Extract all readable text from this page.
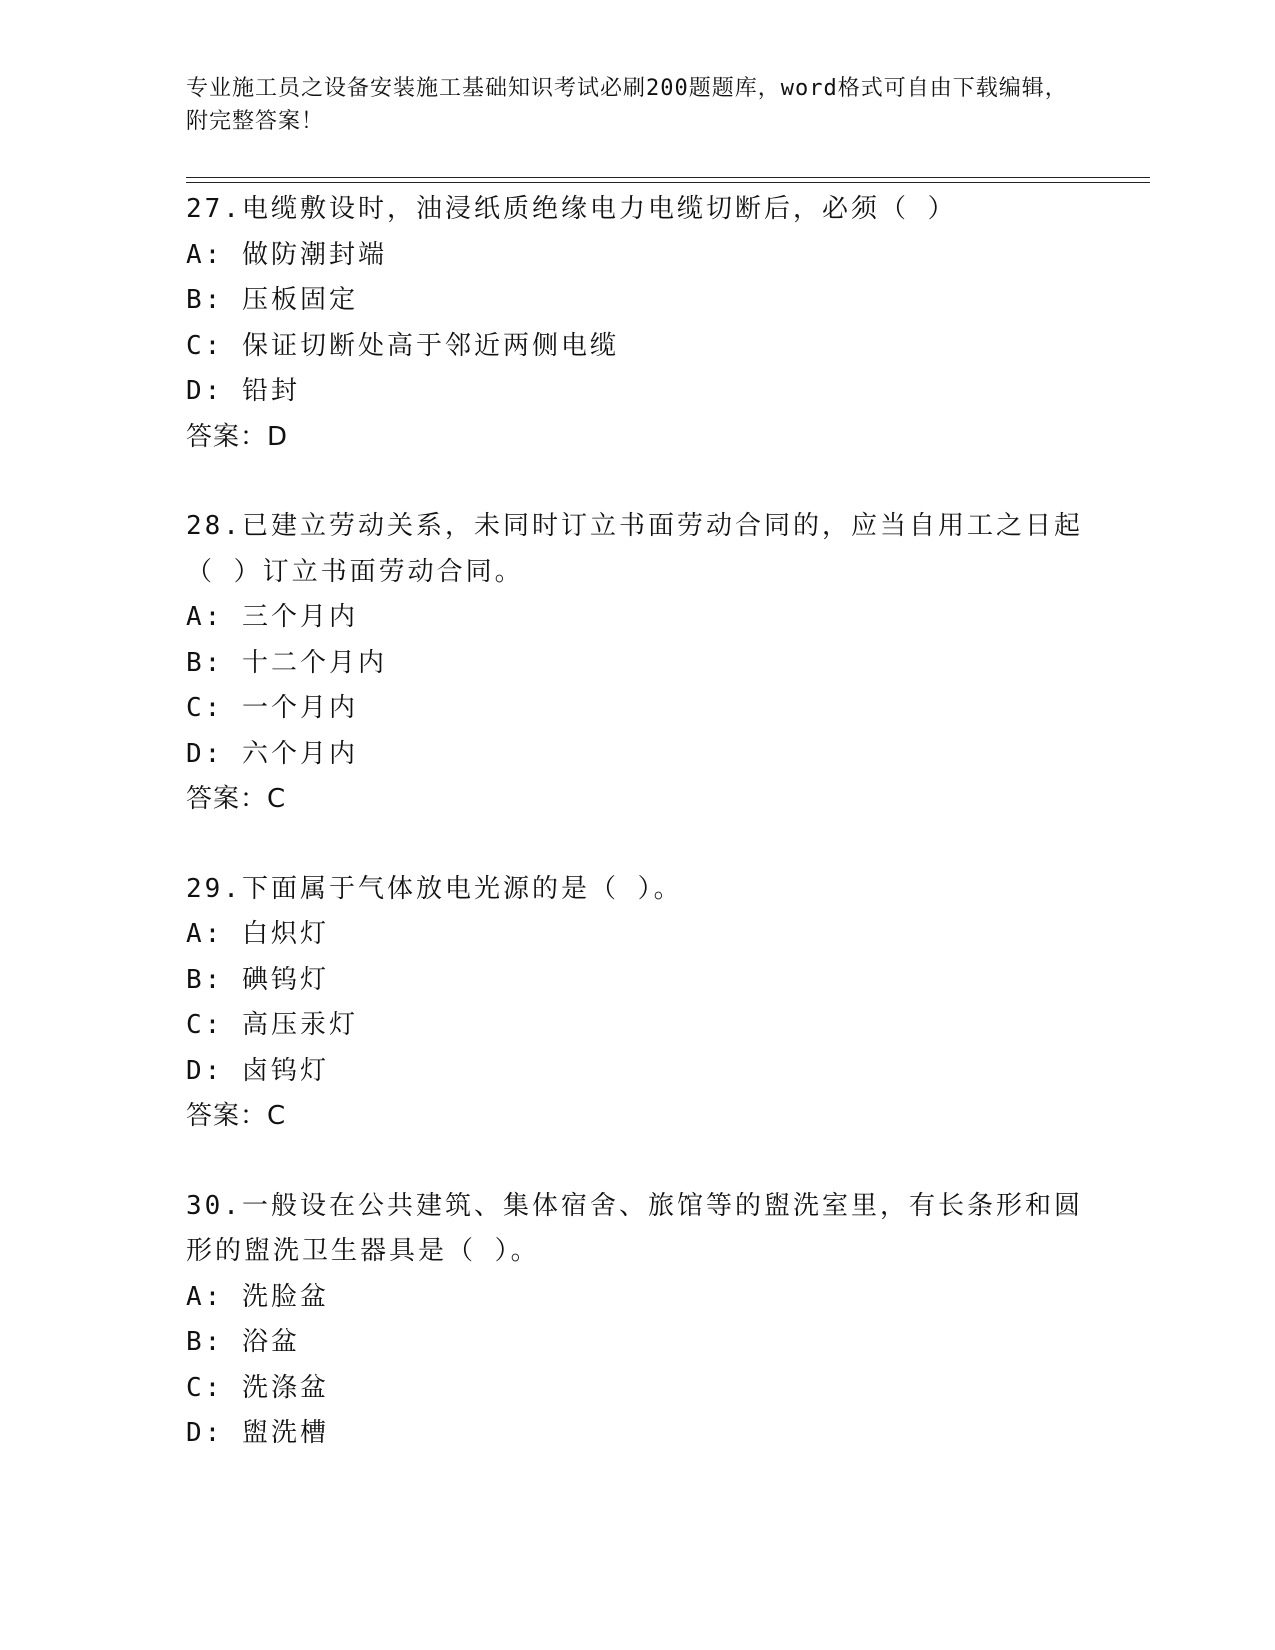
专业施工员之设备安装施工基础知识考试必刷200题题库，word格式可自由下载编辑，附完整答案！
27.电缆敷设时，油浸纸质绝缘电力电缆切断后，必须（ ）
A: 做防潮封端
B: 压板固定
C: 保证切断处高于邻近两侧电缆
D: 铅封
答案：D
28.已建立劳动关系，未同时订立书面劳动合同的，应当自用工之日起（ ）订立书面劳动合同。
A: 三个月内
B: 十二个月内
C: 一个月内
D: 六个月内
答案：C
29.下面属于气体放电光源的是（ ）。
A: 白炽灯
B: 碘钨灯
C: 高压汞灯
D: 卤钨灯
答案：C
30.一般设在公共建筑、集体宿舍、旅馆等的盥洗室里，有长条形和圆形的盥洗卫生器具是（ ）。
A: 洗脸盆
B: 浴盆
C: 洗涤盆
D: 盥洗槽
